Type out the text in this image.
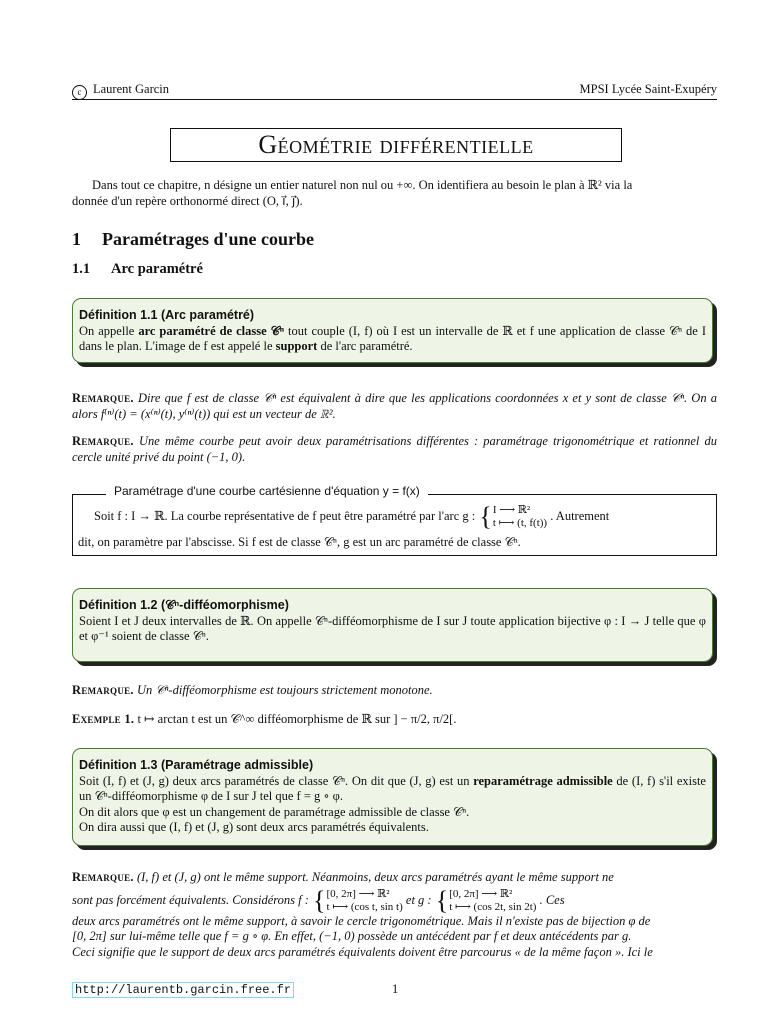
c Laurent Garcin	MPSI Lycée Saint-Exupéry
Géométrie différentielle
Dans tout ce chapitre, n désigne un entier naturel non nul ou +∞. On identifiera au besoin le plan à ℝ² via la
donnée d'un repère orthonormé direct (O, i⃗, j⃗).
1 Paramétrages d'une courbe
1.1 Arc paramétré
Définition 1.1 (Arc paramétré)
On appelle arc paramétré de classe 𝒞ⁿ tout couple (I, f) où I est un intervalle de ℝ et f une application de classe 𝒞ⁿ de I dans le plan. L'image de f est appelé le support de l'arc paramétré.
Remarque. Dire que f est de classe 𝒞ⁿ est équivalent à dire que les applications coordonnées x et y sont de classe 𝒞ⁿ. On a alors f⁽ⁿ⁾(t) = (x⁽ⁿ⁾(t), y⁽ⁿ⁾(t)) qui est un vecteur de ℝ².
Remarque. Une même courbe peut avoir deux paramétrisations différentes : paramétrage trigonométrique et rationnel du cercle unité privé du point (−1, 0).
Paramétrage d'une courbe cartésienne d'équation y = f(x)
Soit f : I → ℝ. La courbe représentative de f peut être paramétré par l'arc g : {I ⟶ ℝ²
t ⟼ (t, f(t)) . Autrement
dit, on paramètre par l'abscisse. Si f est de classe 𝒞ⁿ, g est un arc paramétré de classe 𝒞ⁿ.
Définition 1.2 (𝒞ⁿ-difféomorphisme)
Soient I et J deux intervalles de ℝ. On appelle 𝒞ⁿ-difféomorphisme de I sur J toute application bijective φ : I → J telle que φ et φ⁻¹ soient de classe 𝒞ⁿ.
Remarque. Un 𝒞ⁿ-difféomorphisme est toujours strictement monotone.
Exemple 1. t ↦ arctan t est un 𝒞^∞ difféomorphisme de ℝ sur ] − π/2, π/2[.
Définition 1.3 (Paramétrage admissible)
Soit (I, f) et (J, g) deux arcs paramétrés de classe 𝒞ⁿ. On dit que (J, g) est un reparamétrage admissible de (I, f) s'il existe un 𝒞ⁿ-difféomorphisme φ de I sur J tel que f = g ∘ φ.
On dit alors que φ est un changement de paramétrage admissible de classe 𝒞ⁿ.
On dira aussi que (I, f) et (J, g) sont deux arcs paramétrés équivalents.
Remarque. (I, f) et (J, g) ont le même support. Néanmoins, deux arcs paramétrés ayant le même support ne
sont pas forcément équivalents. Considérons f : {[0, 2π] ⟶ ℝ²
t ⟼ (cos t, sin t) et g : {[0, 2π] ⟶ ℝ²
t ⟼ (cos 2t, sin 2t) . Ces
deux arcs paramétrés ont le même support, à savoir le cercle trigonométrique. Mais il n'existe pas de bijection φ de
[0, 2π] sur lui-même telle que f = g ∘ φ. En effet, (−1, 0) possède un antécédent par f et deux antécédents par g.
Ceci signifie que le support de deux arcs paramétrés équivalents doivent être parcourus « de la même façon ». Ici le
http://laurentb.garcin.free.fr	1
